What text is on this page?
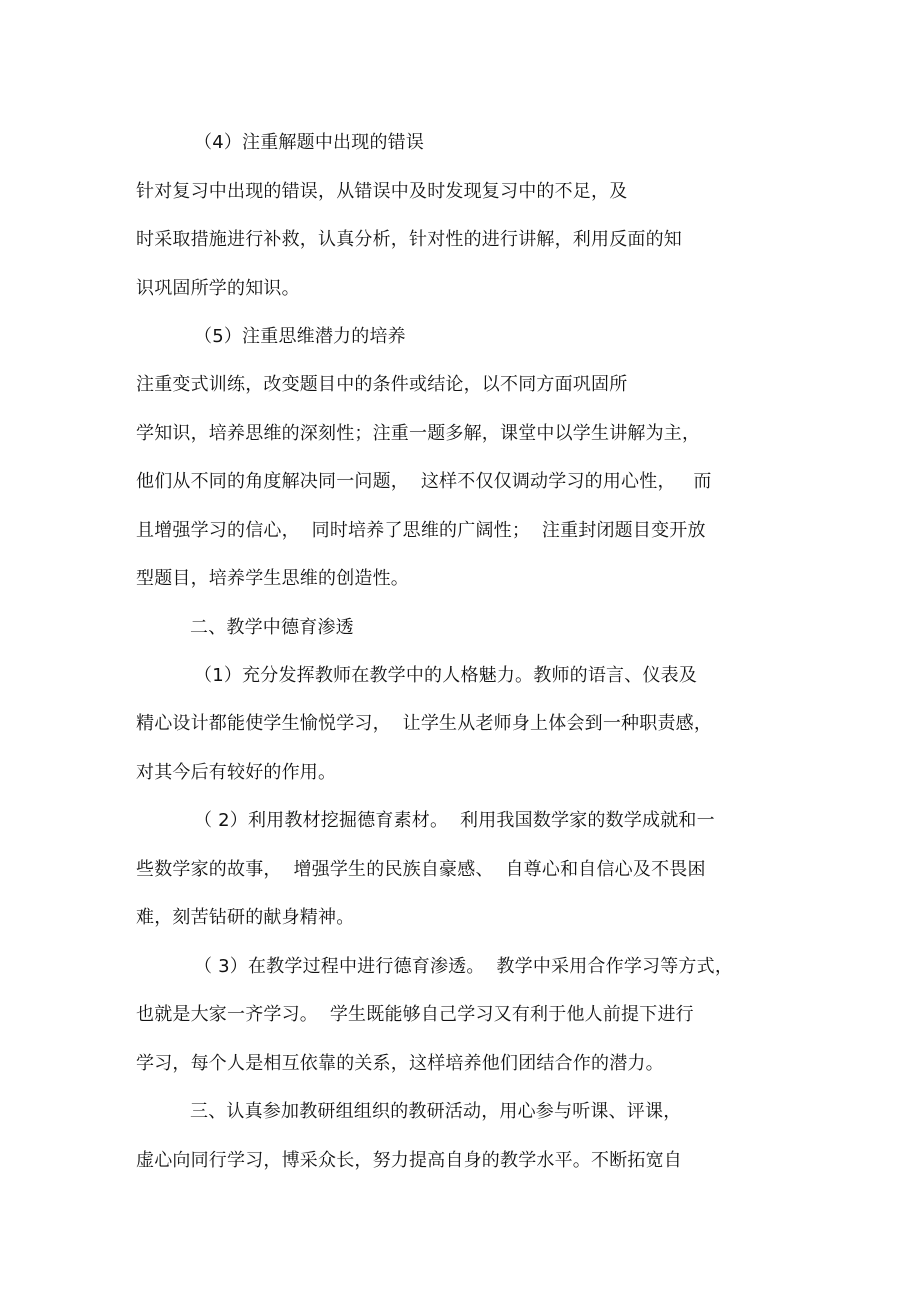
（4）注重解题中出现的错误
针对复习中出现的错误，从错误中及时发现复习中的不足，及
时采取措施进行补救，认真分析，针对性的进行讲解，利用反面的知
识巩固所学的知识。
（5）注重思维潜力的培养
注重变式训练，改变题目中的条件或结论，以不同方面巩固所
学知识，培养思维的深刻性；注重一题多解，课堂中以学生讲解为主，
他们从不同的角度解决同一问题，  这样不仅仅调动学习的用心性，   而
且增强学习的信心，  同时培养了思维的广阔性；  注重封闭题目变开放
型题目，培养学生思维的创造性。
二、教学中德育渗透
（1）充分发挥教师在教学中的人格魅力。教师的语言、仪表及
精心设计都能使学生愉悦学习，  让学生从老师身上体会到一种职责感，
对其今后有较好的作用。
（ 2）利用教材挖掘德育素材。  利用我国数学家的数学成就和一
些数学家的故事，  增强学生的民族自豪感、  自尊心和自信心及不畏困
难，刻苦钻研的献身精神。
（ 3）在教学过程中进行德育渗透。  教学中采用合作学习等方式，
也就是大家一齐学习。  学生既能够自己学习又有利于他人前提下进行
学习，每个人是相互依靠的关系，这样培养他们团结合作的潜力。
三、认真参加教研组组织的教研活动，用心参与听课、评课，
虚心向同行学习，博采众长，努力提高自身的教学水平。不断拓宽自
